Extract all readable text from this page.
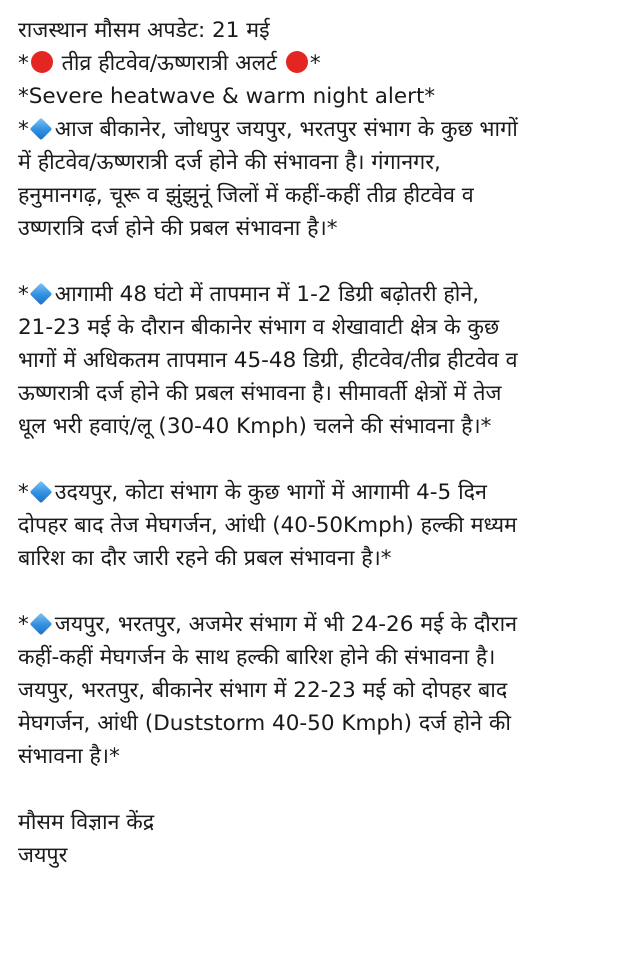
राजस्थान मौसम अपडेट: 21 मई
* तीव्र हीटवेव/ऊष्णरात्री अलर्ट *
*Severe heatwave & warm night alert*
* आज बीकानेर, जोधपुर जयपुर, भरतपुर संभाग के कुछ भागों
में हीटवेव/ऊष्णरात्री दर्ज होने की संभावना है। गंगानगर,
हनुमानगढ़, चूरू व झुंझुनूं जिलों में कहीं-कहीं तीव्र हीटवेव व
उष्णरात्रि दर्ज होने की प्रबल संभावना है।*
* आगामी 48 घंटो में तापमान में 1-2 डिग्री बढ़ोतरी होने,
21-23 मई के दौरान बीकानेर संभाग व शेखावाटी क्षेत्र के कुछ
भागों में अधिकतम तापमान 45-48 डिग्री, हीटवेव/तीव्र हीटवेव व
ऊष्णरात्री दर्ज होने की प्रबल संभावना है। सीमावर्ती क्षेत्रों में तेज
धूल भरी हवाएं/लू (30-40 Kmph) चलने की संभावना है।*
* उदयपुर, कोटा संभाग के कुछ भागों में आगामी 4-5 दिन
दोपहर बाद तेज मेघगर्जन, आंधी (40-50Kmph) हल्की मध्यम
बारिश का दौर जारी रहने की प्रबल संभावना है।*
* जयपुर, भरतपुर, अजमेर संभाग में भी 24-26 मई के दौरान
कहीं-कहीं मेघगर्जन के साथ हल्की बारिश होने की संभावना है।
जयपुर, भरतपुर, बीकानेर संभाग में 22-23 मई को दोपहर बाद
मेघगर्जन, आंधी (Duststorm 40-50 Kmph) दर्ज होने की
संभावना है।*
मौसम विज्ञान केंद्र
जयपुर
